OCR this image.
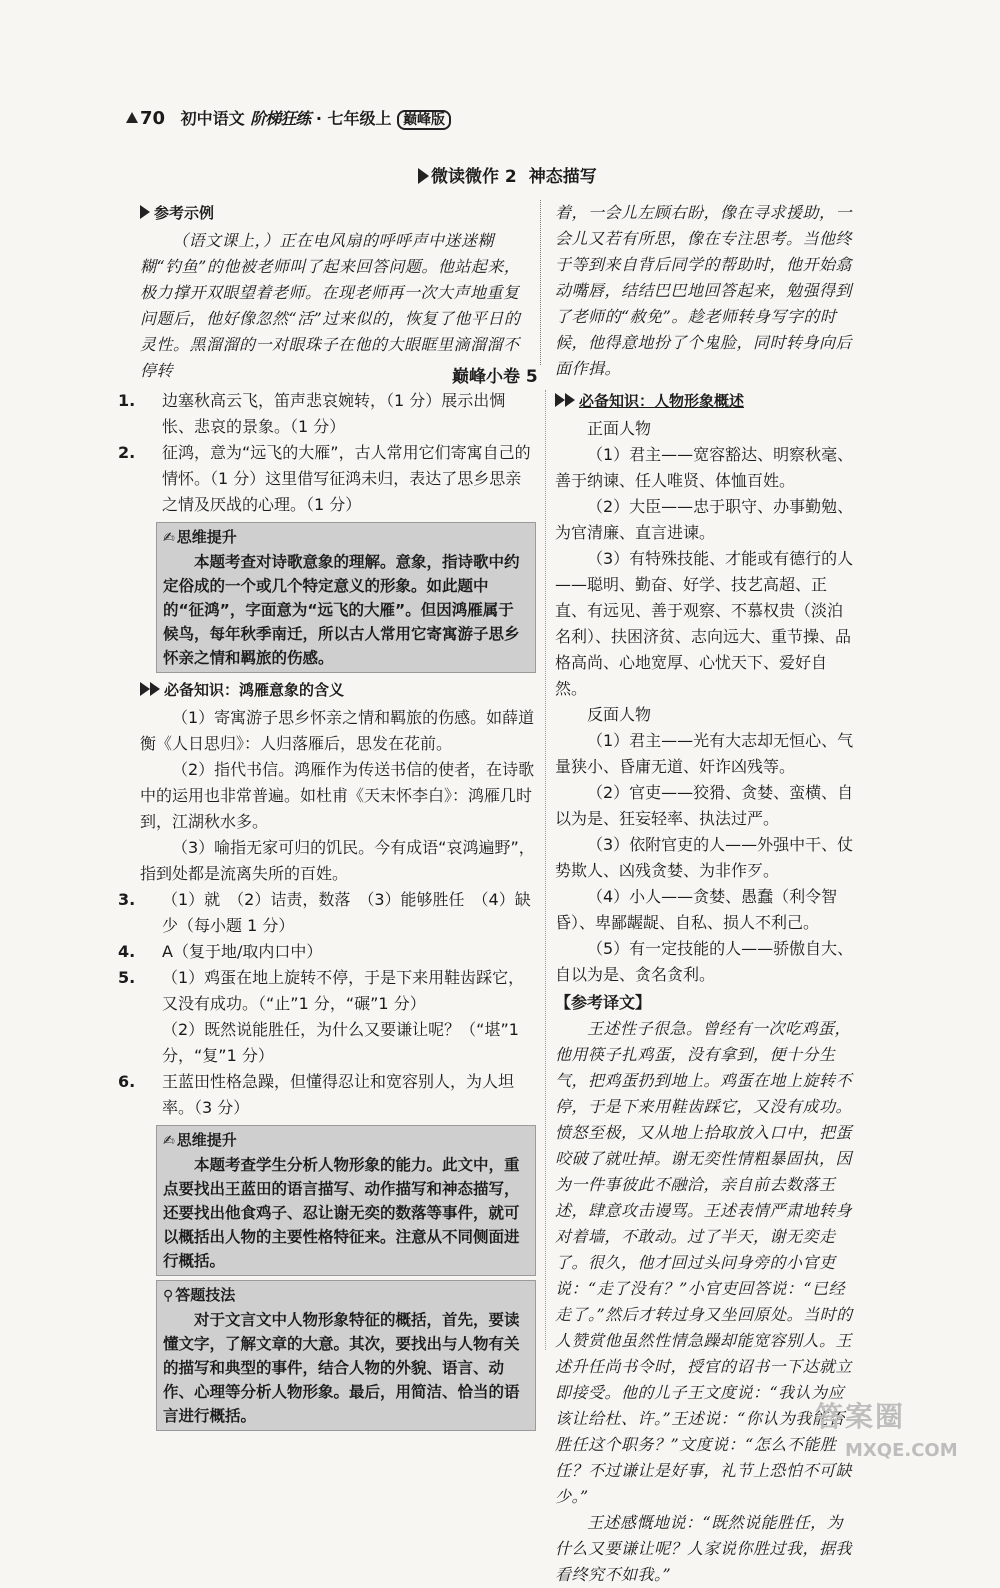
70 初中语文 阶梯狂练 · 七年级上 巅峰版
微读微作 2 神态描写
参考示例

（语文课上，）正在电风扇的呼呼声中迷迷糊糊“钓鱼”的他被老师叫了起来回答问题。他站起来，极力撑开双眼望着老师。在现老师再一次大声地重复问题后，他好像忽然“活”过来似的，恢复了他平日的灵性。黑溜溜的一对眼珠子在他的大眼眶里滴溜溜不停转

着，一会儿左顾右盼，像在寻求援助，一会儿又若有所思，像在专注思考。当他终于等到来自背后同学的帮助时，他开始翕动嘴唇，结结巴巴地回答起来，勉强得到了老师的“赦免”。趁老师转身写字的时候，他得意地扮了个鬼脸，同时转身向后面作揖。

巅峰小卷 5

1. 边塞秋高云飞，笛声悲哀婉转，（1 分）展示出惆怅、悲哀的景象。（1 分）

2. 征鸿，意为“远飞的大雁”，古人常用它们寄寓自己的情怀。（1 分）这里借写征鸿未归，表达了思乡思亲之情及厌战的心理。（1 分）

✍ 思维提升

本题考查对诗歌意象的理解。意象，指诗歌中约定俗成的一个或几个特定意义的形象。如此题中的“征鸿”，字面意为“远飞的大雁”。但因鸿雁属于候鸟，每年秋季南迁，所以古人常用它寄寓游子思乡怀亲之情和羁旅的伤感。

必备知识：鸿雁意象的含义

（1）寄寓游子思乡怀亲之情和羁旅的伤感。如薛道衡《人日思归》：人归落雁后，思发在花前。

（2）指代书信。鸿雁作为传送书信的使者，在诗歌中的运用也非常普遍。如杜甫《天末怀李白》：鸿雁几时到，江湖秋水多。

（3）喻指无家可归的饥民。今有成语“哀鸿遍野”，指到处都是流离失所的百姓。

3. （1）就　（2）诘责，数落　（3）能够胜任　（4）缺少（每小题 1 分）

4. A（复于地/取内口中）

5. （1）鸡蛋在地上旋转不停，于是下来用鞋齿踩它，又没有成功。（“止”1 分，“碾”1 分）

（2）既然说能胜任，为什么又要谦让呢？（“堪”1 分，“复”1 分）

6. 王蓝田性格急躁，但懂得忍让和宽容别人，为人坦率。（3 分）

✍ 思维提升

本题考查学生分析人物形象的能力。此文中，重点要找出王蓝田的语言描写、动作描写和神态描写，还要找出他食鸡子、忍让谢无奕的数落等事件，就可以概括出人物的主要性格特征来。注意从不同侧面进行概括。

⚲ 答题技法

对于文言文中人物形象特征的概括，首先，要读懂文字，了解文章的大意。其次，要找出与人物有关的描写和典型的事件，结合人物的外貌、语言、动作、心理等分析人物形象。最后，用简洁、恰当的语言进行概括。

必备知识：人物形象概述

正面人物

（1）君主——宽容豁达、明察秋毫、善于纳谏、任人唯贤、体恤百姓。

（2）大臣——忠于职守、办事勤勉、为官清廉、直言进谏。

（3）有特殊技能、才能或有德行的人——聪明、勤奋、好学、技艺高超、正直、有远见、善于观察、不慕权贵（淡泊名利）、扶困济贫、志向远大、重节操、品格高尚、心地宽厚、心忧天下、爱好自然。

反面人物

（1）君主——光有大志却无恒心、气量狭小、昏庸无道、奸诈凶残等。

（2）官吏——狡猾、贪婪、蛮横、自以为是、狂妄轻率、执法过严。

（3）依附官吏的人——外强中干、仗势欺人、凶残贪婪、为非作歹。

（4）小人——贪婪、愚蠢（利令智昏）、卑鄙龌龊、自私、损人不利己。

（5）有一定技能的人——骄傲自大、自以为是、贪名贪利。

【参考译文】

王述性子很急。曾经有一次吃鸡蛋，他用筷子扎鸡蛋，没有拿到，便十分生气，把鸡蛋扔到地上。鸡蛋在地上旋转不停，于是下来用鞋齿踩它，又没有成功。愤怒至极，又从地上拾取放入口中，把蛋咬破了就吐掉。谢无奕性情粗暴固执，因为一件事彼此不融洽，亲自前去数落王述，肆意攻击谩骂。王述表情严肃地转身对着墙，不敢动。过了半天，谢无奕走了。很久，他才回过头问身旁的小官吏说：“走了没有？”小官吏回答说：“已经走了。”然后才转过身又坐回原处。当时的人赞赏他虽然性情急躁却能宽容别人。王述升任尚书令时，授官的诏书一下达就立即接受。他的儿子王文度说：“我认为应该让给杜、许。”王述说：“你认为我能否胜任这个职务？”文度说：“怎么不能胜任？不过谦让是好事，礼节上恐怕不可缺少。”

王述感慨地说：“既然说能胜任，为什么又要谦让呢？人家说你胜过我，据我看终究不如我。”

答案圈
MXQE.COM
